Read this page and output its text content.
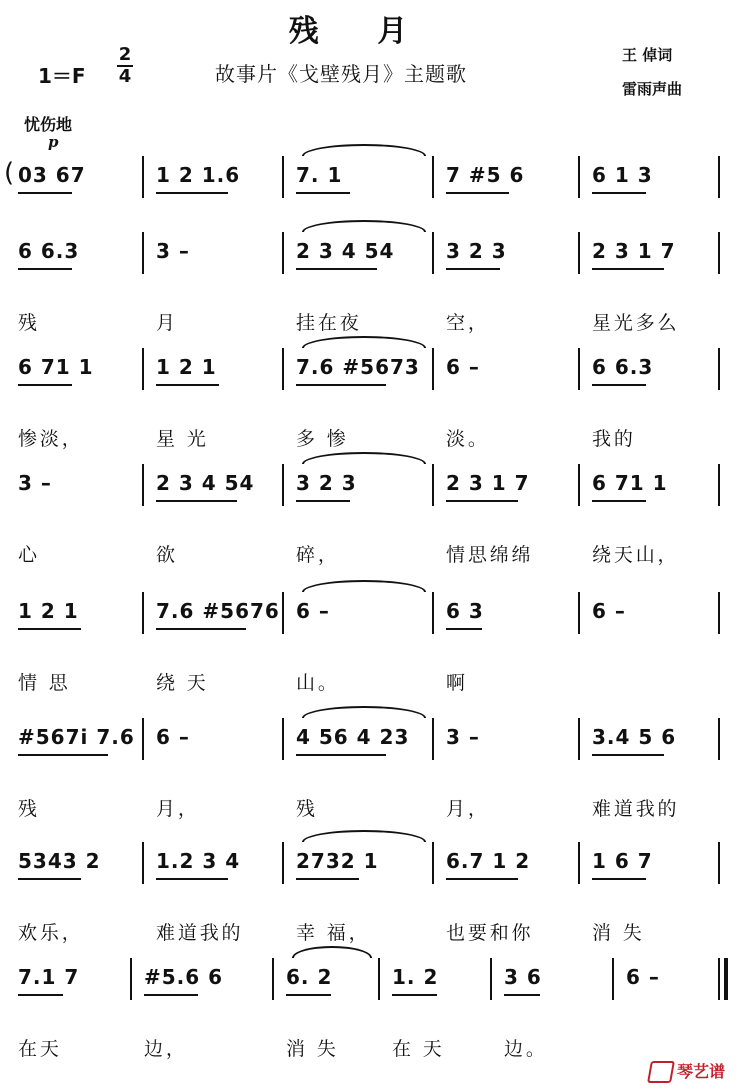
残 月
1＝F
2
4	故事片《戈壁残月》主题歌
王 倬词
雷雨声曲
忧伤地
p
03 67	1 2 1.6	7. 1	7 #5 6	6 1 3
(
6 6.3	3 –	2 3 4 54	3 2 3	2 3 1 7
残	月	挂在夜	空，	星光多么
6 71 1	1 2 1	7.6 #5673 6 –	6 6.3
惨淡，	星 光	多 惨	淡。	我的
3 –	2 3 4 54 3 2 3	2 3 1 7	6 71 1
心	欲	碎，	情思绵绵	绕天山，
1 2 1	7.6 #5676 6 –	6 3	6 –
情 思	绕 天	山。	啊
#567i 7.6 6 –	4 56 4 23 3 –	3.4 5 6
残	月，	残	月，	难道我的
5343 2	1.2 3 4	2732 1	6.7 1 2	1 6 7
欢乐，	难道我的	幸 福，	也要和你	消 失
7.1 7	#5.6 6	6. 2	1. 2	3 6	6 –
在天	边，	消 失	在 天	边。
琴艺谱
